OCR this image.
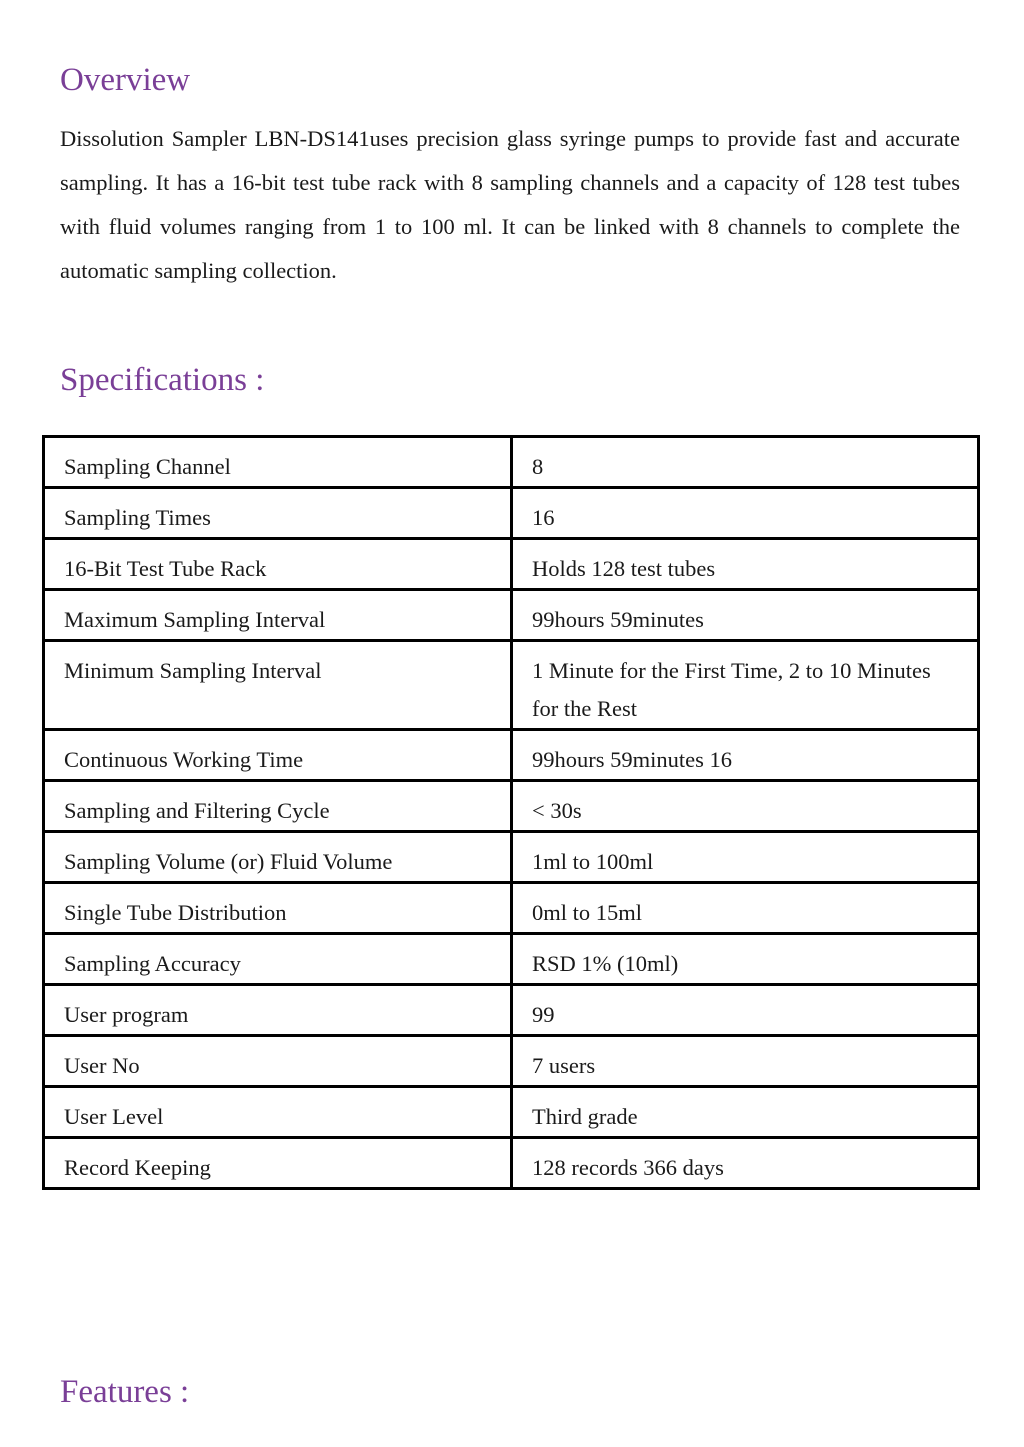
Overview

Dissolution Sampler LBN-DS141uses precision glass syringe pumps to provide fast and accurate sampling. It has a 16-bit test tube rack with 8 sampling channels and a capacity of 128 test tubes with fluid volumes ranging from 1 to 100 ml. It can be linked with 8 channels to complete the automatic sampling collection.

Specifications :
Sampling Channel	8
Sampling Times	16
16-Bit Test Tube Rack	Holds 128 test tubes
Maximum Sampling Interval	99hours 59minutes
Minimum Sampling Interval	1 Minute for the First Time, 2 to 10 Minutes for the Rest
Continuous Working Time	99hours 59minutes 16
Sampling and Filtering Cycle	< 30s
Sampling Volume (or) Fluid Volume	1ml to 100ml
Single Tube Distribution	0ml to 15ml
Sampling Accuracy	RSD 1% (10ml)
User program	99
User No	7 users
User Level	Third grade
Record Keeping	128 records 366 days
Features :
